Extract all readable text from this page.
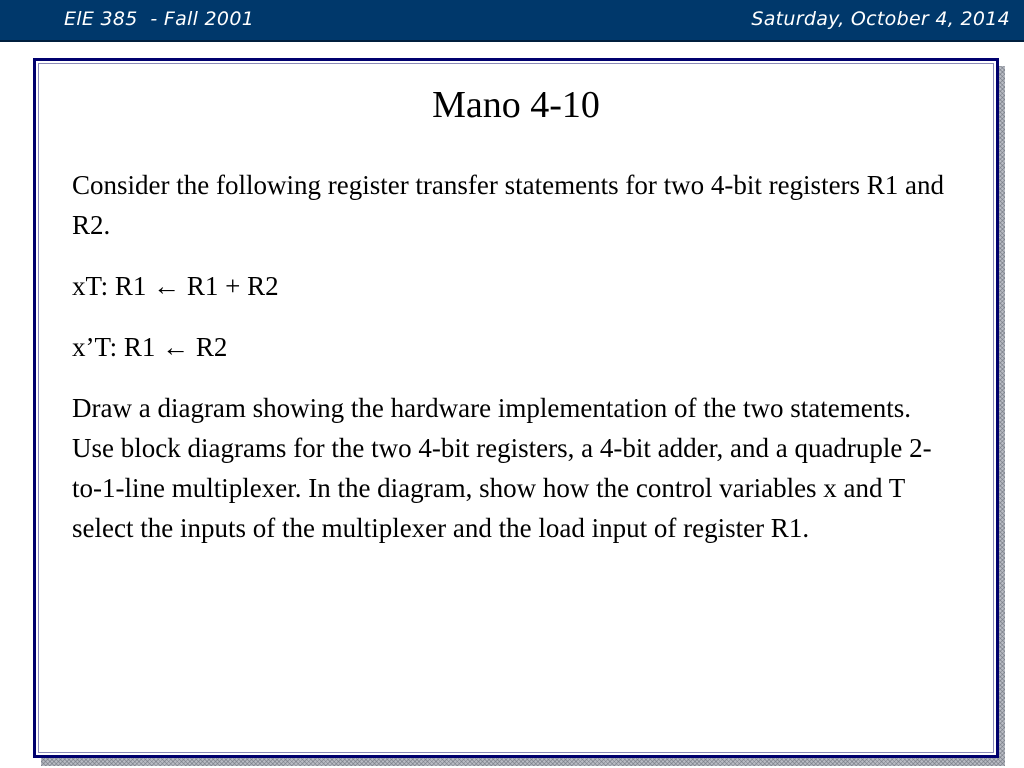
ElE 385  - Fall 2001	Saturday, October 4, 2014
Mano 4-10

Consider the following register transfer statements for two 4-bit registers R1 and R2.

xT: R1 ← R1 + R2

x’T: R1 ← R2

Draw a diagram showing the hardware implementation of the two statements. Use block diagrams for the two 4-bit registers, a 4-bit adder, and a quadruple 2-to-1-line multiplexer. In the diagram, show how the control variables x and T select the inputs of the multiplexer and the load input of register R1.
